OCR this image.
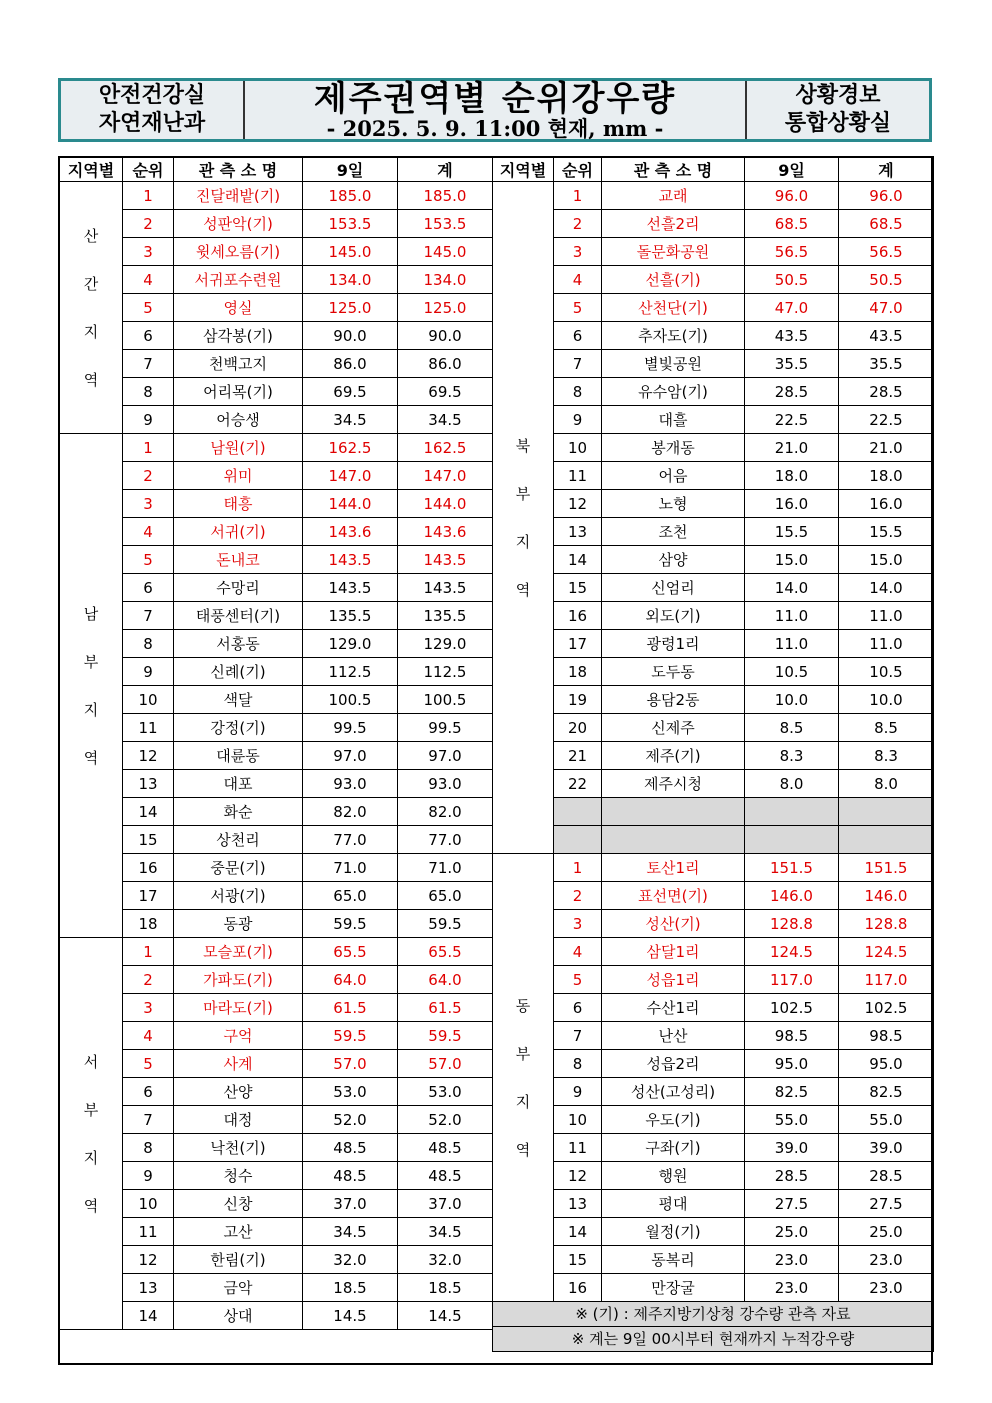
안전건강실
자연재난과
제주권역별 순위강우량
- 2025. 5. 9. 11:00 현재, mm -
상황경보
통합상황실
지역별	순위	관 측 소 명	9일	계

산
간
지
역	1	진달래밭(기)	185.0	185.0
	2	성판악(기)	153.5	153.5
	3	윗세오름(기)	145.0	145.0
	4	서귀포수련원	134.0	134.0
	5	영실	125.0	125.0
	6	삼각봉(기)	90.0	90.0
	7	천백고지	86.0	86.0
	8	어리목(기)	69.5	69.5
	9	어승생	34.5	34.5

남
부
지
역	1	남원(기)	162.5	162.5
	2	위미	147.0	147.0
	3	태흥	144.0	144.0
	4	서귀(기)	143.6	143.6
	5	돈내코	143.5	143.5
	6	수망리	143.5	143.5
	7	태풍센터(기)	135.5	135.5
	8	서홍동	129.0	129.0
	9	신례(기)	112.5	112.5
	10	색달	100.5	100.5
	11	강정(기)	99.5	99.5
	12	대륜동	97.0	97.0
	13	대포	93.0	93.0
	14	화순	82.0	82.0
	15	상천리	77.0	77.0
	16	중문(기)	71.0	71.0
	17	서광(기)	65.0	65.0
	18	동광	59.5	59.5

서
부
지
역	1	모슬포(기)	65.5	65.5
	2	가파도(기)	64.0	64.0
	3	마라도(기)	61.5	61.5
	4	구억	59.5	59.5
	5	사계	57.0	57.0
	6	산양	53.0	53.0
	7	대정	52.0	52.0
	8	낙천(기)	48.5	48.5
	9	청수	48.5	48.5
	10	신창	37.0	37.0
	11	고산	34.5	34.5
	12	한림(기)	32.0	32.0
	13	금악	18.5	18.5
	14	상대	14.5	14.5
지역별	순위	관 측 소 명	9일	계

북
부
지
역	1	교래	96.0	96.0
	2	선흘2리	68.5	68.5
	3	돌문화공원	56.5	56.5
	4	선흘(기)	50.5	50.5
	5	산천단(기)	47.0	47.0
	6	추자도(기)	43.5	43.5
	7	별빛공원	35.5	35.5
	8	유수암(기)	28.5	28.5
	9	대흘	22.5	22.5
	10	봉개동	21.0	21.0
	11	어음	18.0	18.0
	12	노형	16.0	16.0
	13	조천	15.5	15.5
	14	삼양	15.0	15.0
	15	신엄리	14.0	14.0
	16	외도(기)	11.0	11.0
	17	광령1리	11.0	11.0
	18	도두동	10.5	10.5
	19	용담2동	10.0	10.0
	20	신제주	8.5	8.5
	21	제주(기)	8.3	8.3
	22	제주시청	8.0	8.0

동
부
지
역	1	토산1리	151.5	151.5
	2	표선면(기)	146.0	146.0
	3	성산(기)	128.8	128.8
	4	삼달1리	124.5	124.5
	5	성읍1리	117.0	117.0
	6	수산1리	102.5	102.5
	7	난산	98.5	98.5
	8	성읍2리	95.0	95.0
	9	성산(고성리)	82.5	82.5
	10	우도(기)	55.0	55.0
	11	구좌(기)	39.0	39.0
	12	행원	28.5	28.5
	13	평대	27.5	27.5
	14	월정(기)	25.0	25.0
	15	동복리	23.0	23.0
	16	만장굴	23.0	23.0
※ (기) : 제주지방기상청 강수량 관측 자료				
※ 계는 9일 00시부터 현재까지 누적강우량				
